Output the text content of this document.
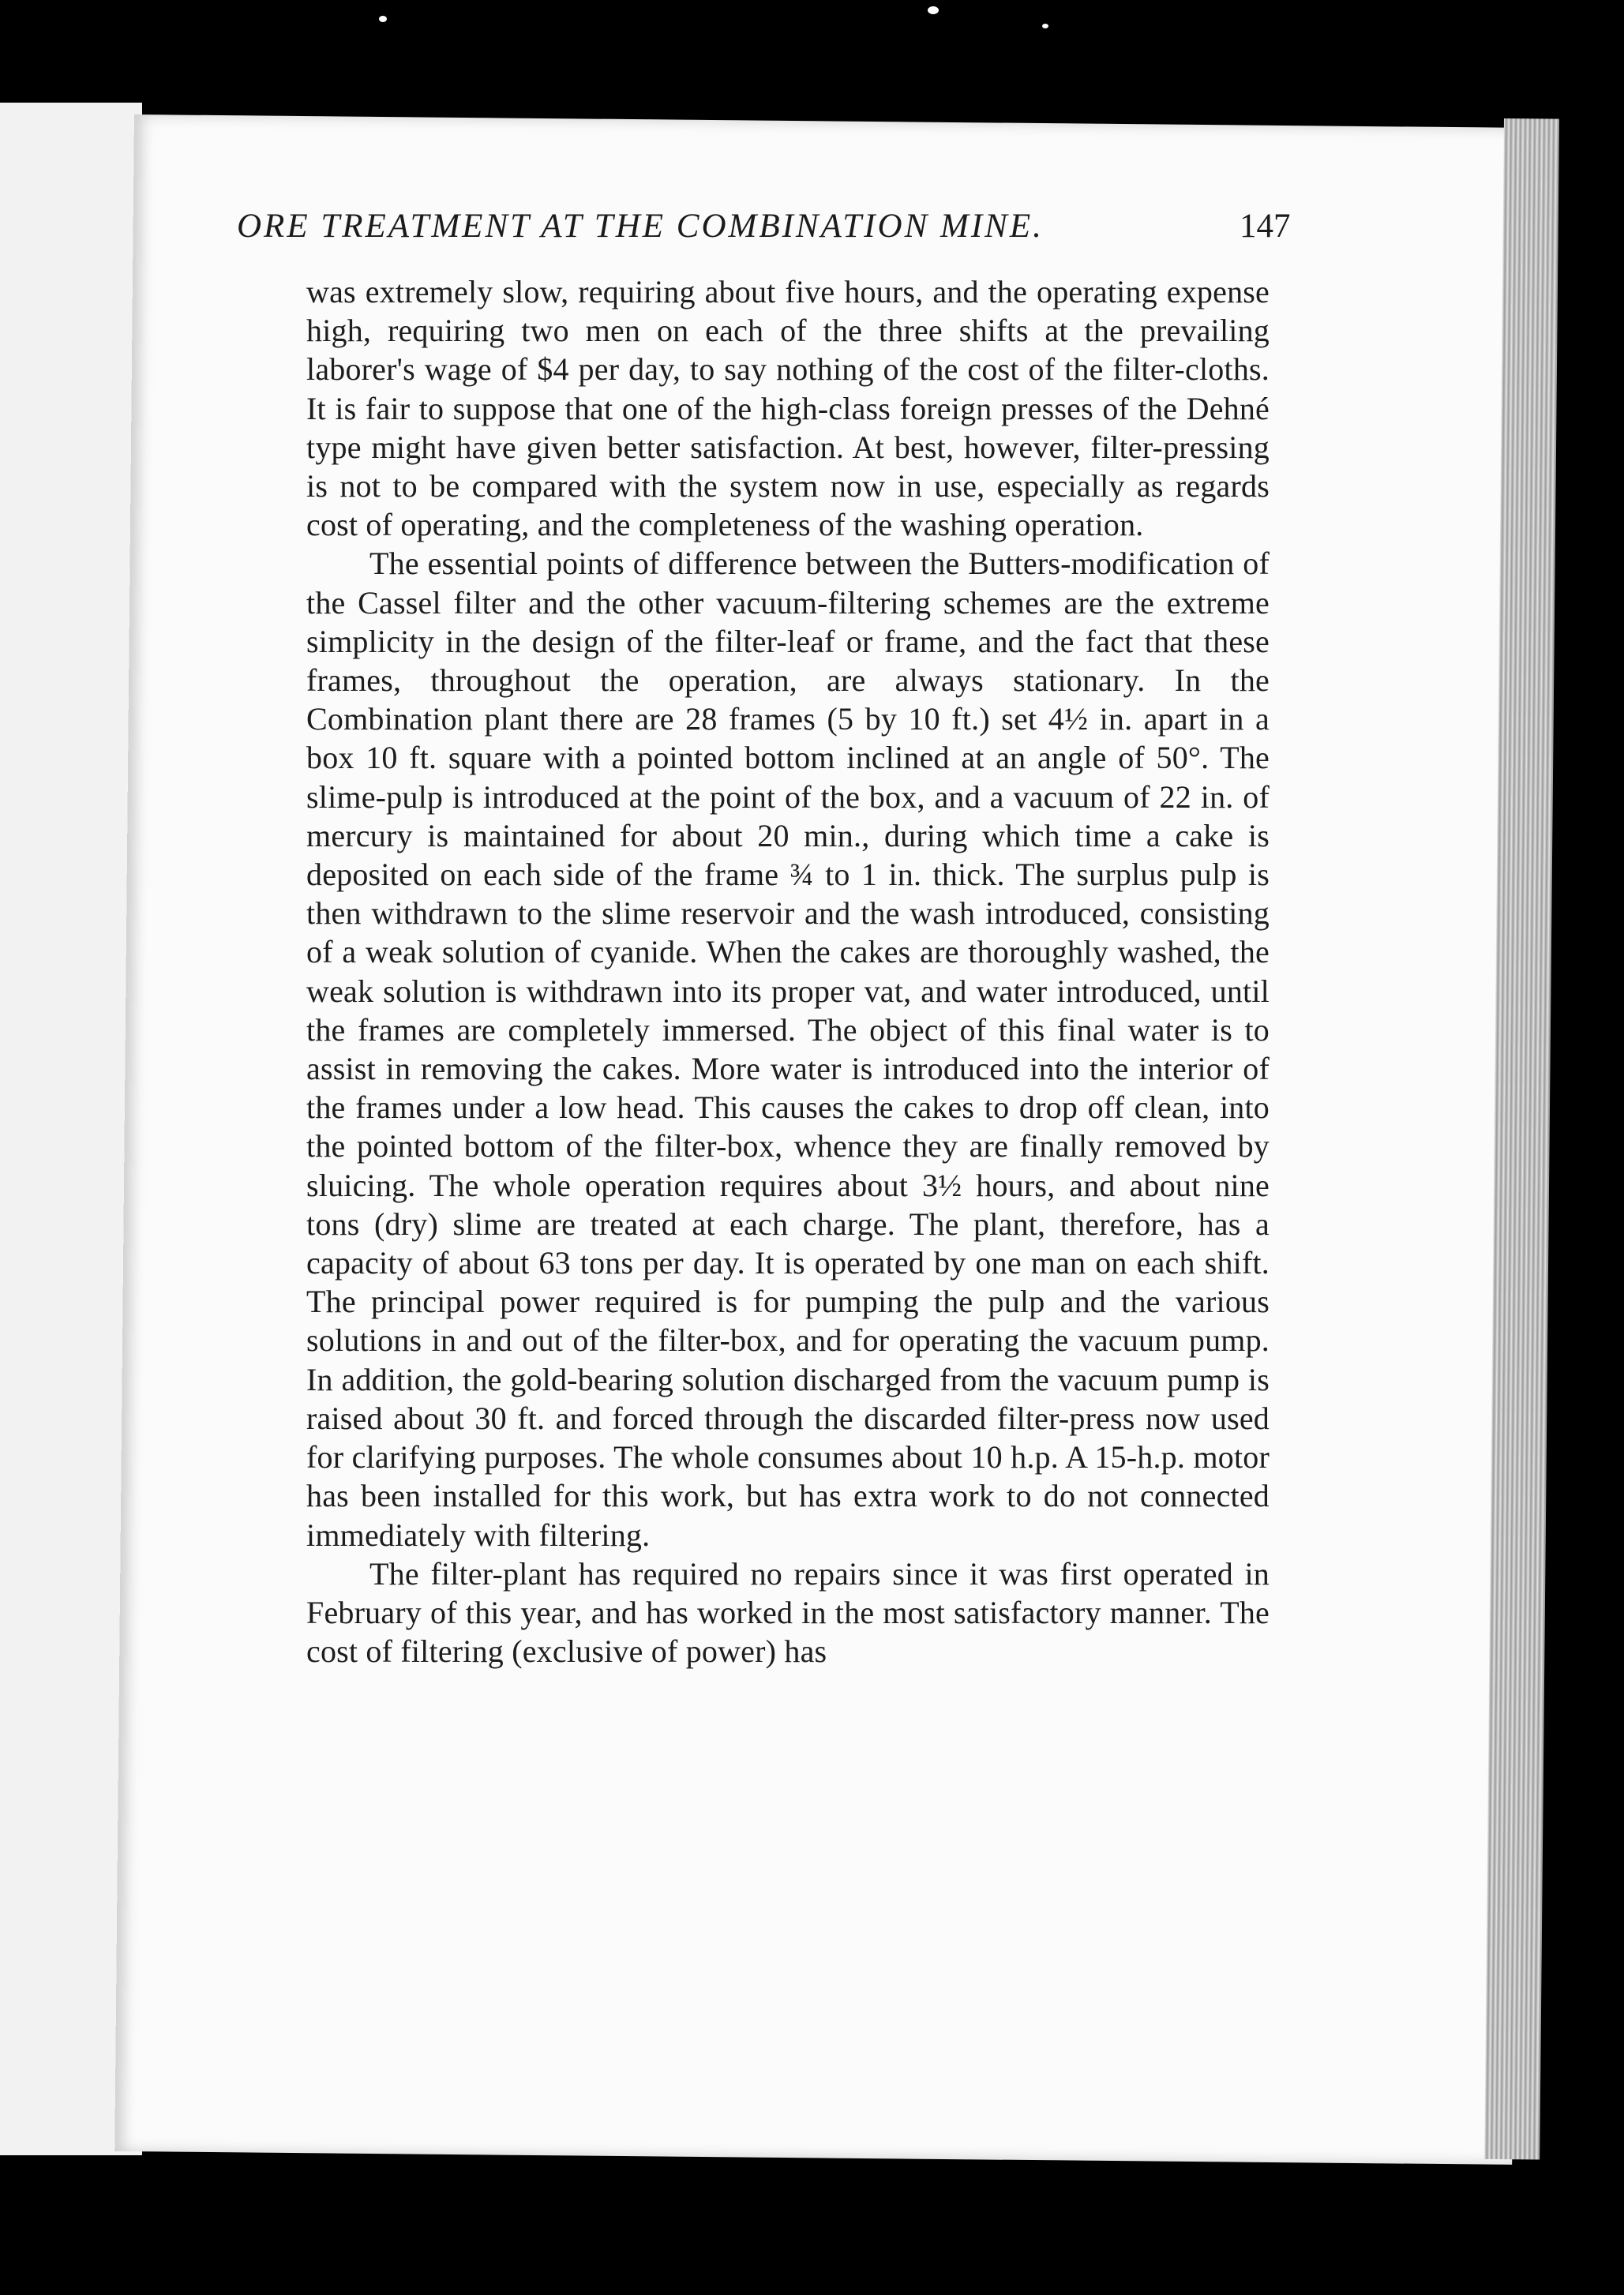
ORE TREATMENT AT THE COMBINATION MINE.	147

was extremely slow, requiring about five hours, and the operating expense high, requiring two men on each of the three shifts at the prevailing laborer's wage of $4 per day, to say nothing of the cost of the filter-cloths. It is fair to suppose that one of the high-class foreign presses of the Dehné type might have given better satisfaction. At best, however, filter-pressing is not to be compared with the system now in use, especially as regards cost of operating, and the completeness of the washing operation.

The essential points of difference between the Butters-modification of the Cassel filter and the other vacuum-filtering schemes are the extreme simplicity in the design of the filter-leaf or frame, and the fact that these frames, throughout the operation, are always stationary. In the Combination plant there are 28 frames (5 by 10 ft.) set 4½ in. apart in a box 10 ft. square with a pointed bottom inclined at an angle of 50°. The slime-pulp is introduced at the point of the box, and a vacuum of 22 in. of mercury is maintained for about 20 min., during which time a cake is deposited on each side of the frame ¾ to 1 in. thick. The surplus pulp is then withdrawn to the slime reservoir and the wash introduced, consisting of a weak solution of cyanide. When the cakes are thoroughly washed, the weak solution is withdrawn into its proper vat, and water introduced, until the frames are completely immersed. The object of this final water is to assist in removing the cakes. More water is introduced into the interior of the frames under a low head. This causes the cakes to drop off clean, into the pointed bottom of the filter-box, whence they are finally removed by sluicing. The whole operation requires about 3½ hours, and about nine tons (dry) slime are treated at each charge. The plant, therefore, has a capacity of about 63 tons per day. It is operated by one man on each shift. The principal power required is for pumping the pulp and the various solutions in and out of the filter-box, and for operating the vacuum pump. In addition, the gold-bearing solution discharged from the vacuum pump is raised about 30 ft. and forced through the discarded filter-press now used for clarifying purposes. The whole consumes about 10 h.p. A 15-h.p. motor has been installed for this work, but has extra work to do not connected immediately with filtering.

The filter-plant has required no repairs since it was first operated in February of this year, and has worked in the most satisfactory manner. The cost of filtering (exclusive of power) has
